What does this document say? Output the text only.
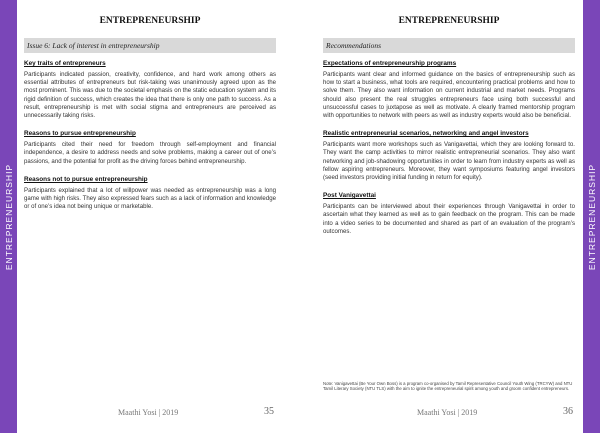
ENTREPRENEURSHIP	ENTREPRENEURSHIP
ENTREPRENEURSHIP
Issue 6: Lack of interest in entrepreneurship
Key traits of entrepreneurs
Participants indicated passion, creativity, confidence, and hard work among others as essential attributes of entrepreneurs but risk-taking was unanimously agreed upon as the most prominent. This was due to the societal emphasis on the static education system and its rigid definition of success, which creates the idea that there is only one path to success. As a result, entrepreneurship is met with social stigma and entrepreneurs are perceived as unnecessarily taking risks.
Reasons to pursue entrepreneurship
Participants cited their need for freedom through self-employment and financial independence, a desire to address needs and solve problems, making a career out of one’s passions, and the potential for profit as the driving forces behind entrepreneurship.
Reasons not to pursue entrepreneurship
Participants explained that a lot of willpower was needed as entrepreneurship was a long game with high risks. They also expressed fears such as a lack of information and knowledge or of one’s idea not being unique or marketable.
Maathi Yosi | 2019	35
ENTREPRENEURSHIP
Recommendations
Expectations of entrepreneurship programs
Participants want clear and informed guidance on the basics of entrepreneurship such as how to start a business, what tools are required, encountering practical problems and how to solve them. They also want information on current industrial and market needs. Programs should also present the real struggles entrepreneurs face using both successful and unsuccessful cases to juxtapose as well as motivate. A clearly framed mentorship program with opportunities to network with peers as well as industry experts would also be beneficial.
Realistic entrepreneurial scenarios, networking and angel investors
Participants want more workshops such as Vanigavettai, which they are looking forward to. They want the camp activities to mirror realistic entrepreneurial scenarios. They also want networking and job-shadowing opportunities in order to learn from industry experts as well as fellow aspiring entrepreneurs. Moreover, they want symposiums featuring angel investors (seed investors providing initial funding in return for equity).
Post Vanigavettai
Participants can be interviewed about their experiences through Vanigavettai in order to ascertain what they learned as well as to gain feedback on the program. This can be made into a video series to be documented and shared as part of an evaluation of the program’s outcomes.
Note: Vanigavettai (Be Your Own Boss) is a program co-organised by Tamil Representative Council Youth Wing (TRCYW) and NTU Tamil Literary Society (NTU TLS) with the aim to ignite the entrepreneurial spirit among youth and groom confident entrepreneurs.
Maathi Yosi | 2019	36
